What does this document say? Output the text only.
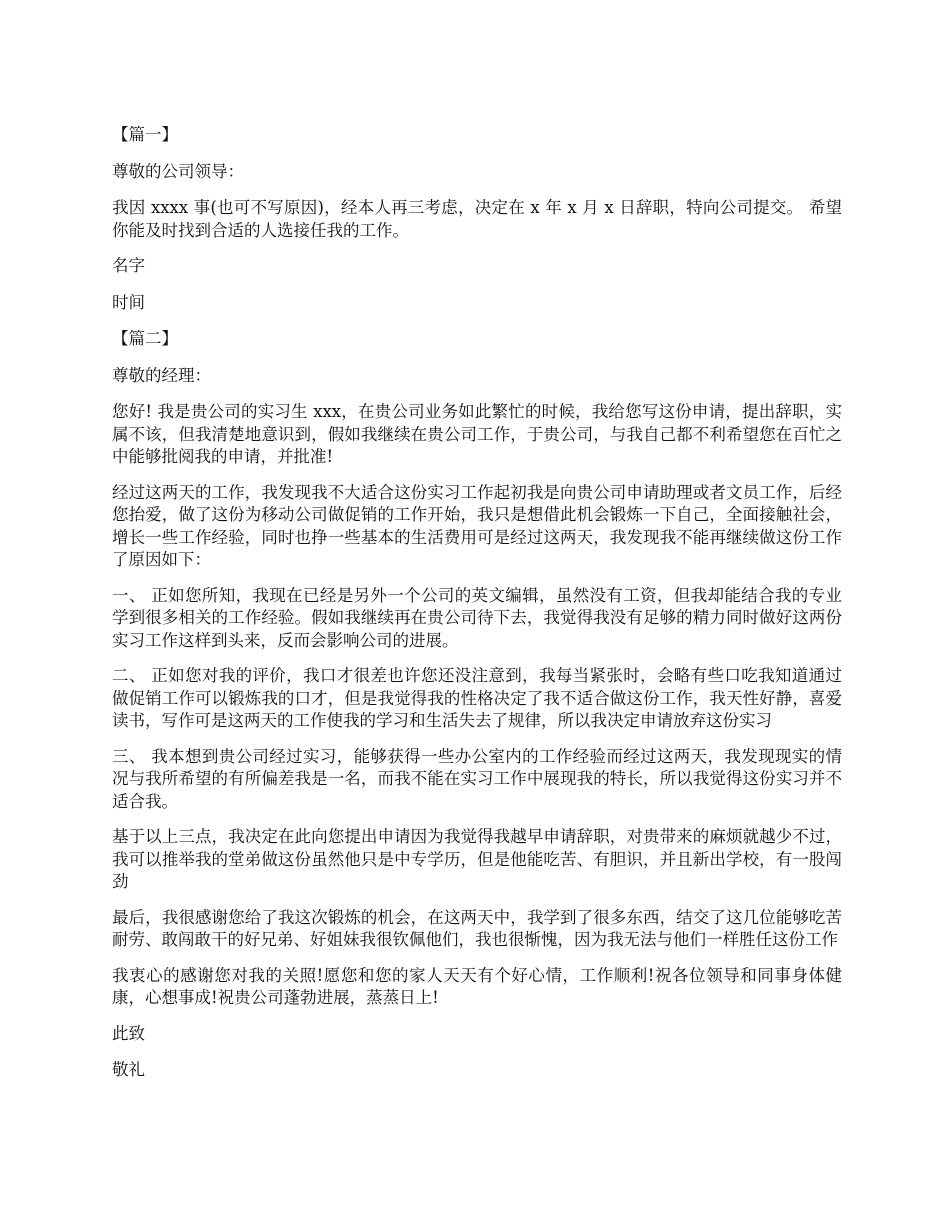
【篇一】

尊敬的公司领导：

我因 xxxx 事(也可不写原因)，经本人再三考虑，决定在 x 年 x 月 x 日辞职，特向公司提交。 希望你能及时找到合适的人选接任我的工作。

名字

时间

【篇二】

尊敬的经理：

您好! 我是贵公司的实习生 xxx，在贵公司业务如此繁忙的时候，我给您写这份申请，提出辞职，实属不该，但我清楚地意识到，假如我继续在贵公司工作，于贵公司，与我自己都不利希望您在百忙之中能够批阅我的申请，并批准!

经过这两天的工作，我发现我不大适合这份实习工作起初我是向贵公司申请助理或者文员工作，后经您抬爱，做了这份为移动公司做促销的工作开始，我只是想借此机会锻炼一下自己，全面接触社会，增长一些工作经验，同时也挣一些基本的生活费用可是经过这两天，我发现我不能再继续做这份工作了原因如下：

一、 正如您所知，我现在已经是另外一个公司的英文编辑，虽然没有工资，但我却能结合我的专业学到很多相关的工作经验。假如我继续再在贵公司待下去，我觉得我没有足够的精力同时做好这两份实习工作这样到头来，反而会影响公司的进展。

二、 正如您对我的评价，我口才很差也许您还没注意到，我每当紧张时，会略有些口吃我知道通过做促销工作可以锻炼我的口才，但是我觉得我的性格决定了我不适合做这份工作，我天性好静，喜爱读书，写作可是这两天的工作使我的学习和生活失去了规律，所以我决定申请放弃这份实习

三、 我本想到贵公司经过实习，能够获得一些办公室内的工作经验而经过这两天，我发现现实的情况与我所希望的有所偏差我是一名，而我不能在实习工作中展现我的特长，所以我觉得这份实习并不适合我。

基于以上三点，我决定在此向您提出申请因为我觉得我越早申请辞职，对贵带来的麻烦就越少不过，我可以推举我的堂弟做这份虽然他只是中专学历，但是他能吃苦、有胆识，并且新出学校，有一股闯劲

最后，我很感谢您给了我这次锻炼的机会，在这两天中，我学到了很多东西，结交了这几位能够吃苦耐劳、敢闯敢干的好兄弟、好姐妹我很钦佩他们，我也很惭愧，因为我无法与他们一样胜任这份工作

我衷心的感谢您对我的关照!愿您和您的家人天天有个好心情，工作顺利!祝各位领导和同事身体健康，心想事成!祝贵公司蓬勃进展，蒸蒸日上!

此致

敬礼
